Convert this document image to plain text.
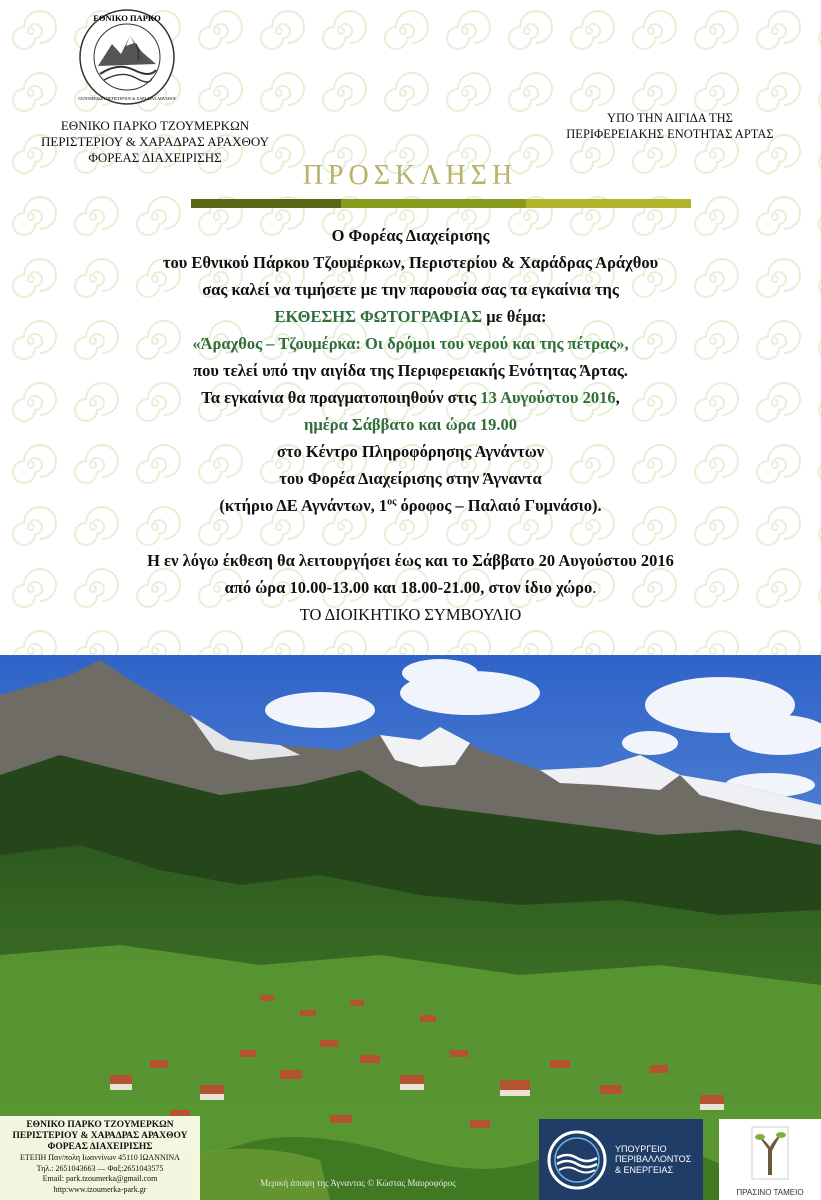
ΕΘΝΙΚΟ ΠΑΡΚΟ
ΤΖΟΥΜΕΡΚΩΝ ΠΕΡΙΣΤΕΡΙΟΥ & ΧΑΡΑΔΡΑΣ ΑΡΑΧΘΟΥ
ΕΘΝΙΚΟ ΠΑΡΚΟ ΤΖΟΥΜΕΡΚΩΝ
ΠΕΡΙΣΤΕΡΙΟΥ & ΧΑΡΑΔΡΑΣ ΑΡΑΧΘΟΥ
ΦΟΡΕΑΣ ΔΙΑΧΕΙΡΙΣΗΣ
ΥΠΟ ΤΗΝ ΑΙΓΙΔΑ ΤΗΣ
ΠΕΡΙΦΕΡΕΙΑΚΗΣ ΕΝΟΤΗΤΑΣ ΑΡΤΑΣ
ΠΡΟΣΚΛΗΣΗ
Ο Φορέας Διαχείρισης
του Εθνικού Πάρκου Τζουμέρκων, Περιστερίου & Χαράδρας Αράχθου
σας καλεί να τιμήσετε με την παρουσία σας τα εγκαίνια της
ΕΚΘΕΣΗΣ ΦΩΤΟΓΡΑΦΙΑΣ με θέμα:
«Άραχθος – Τζουμέρκα: Οι δρόμοι του νερού και της πέτρας»,
που τελεί υπό την αιγίδα της Περιφερειακής Ενότητας Άρτας.
Τα εγκαίνια θα πραγματοποιηθούν στις 13 Αυγούστου 2016,
ημέρα Σάββατο και ώρα 19.00
στο Κέντρο Πληροφόρησης Αγνάντων
του Φορέα Διαχείρισης στην Άγναντα
(κτήριο ΔΕ Αγνάντων, $1^{o\varsigma}$ όροφος – Παλαιό Γυμνάσιο).
Η εν λόγω έκθεση θα λειτουργήσει έως και το Σάββατο 20 Αυγούστου 2016
από ώρα 10.00-13.00 και 18.00-21.00, στον ίδιο χώρο.
ΤΟ ΔΙΟΙΚΗΤΙΚΟ ΣΥΜΒΟΥΛΙΟ
Μερική άποψη της Άγναντας © Κώστας Μαυροφόρος
ΕΘΝΙΚΟ ΠΑΡΚΟ ΤΖΟΥΜΕΡΚΩΝ
ΠΕΡΙΣΤΕΡΙΟΥ & ΧΑΡΑΔΡΑΣ ΑΡΑΧΘΟΥ
ΦΟΡΕΑΣ ΔΙΑΧΕΙΡΙΣΗΣ
ΕΤΕΠΗ Παν/πολη Ιωαννίνων 45110 ΙΩΑΝΝΙΝΑ
Τηλ.: 2651043663 — Φαξ:2651043575
Email: park.tzoumerka@gmail.com
http:www.tzoumerka-park.gr
ΥΠΟΥΡΓΕΙΟ
ΠΕΡΙΒΑΛΛΟΝΤΟΣ
& ΕΝΕΡΓΕΙΑΣ
ΠΡΑΣΙΝΟ ΤΑΜΕΙΟ
